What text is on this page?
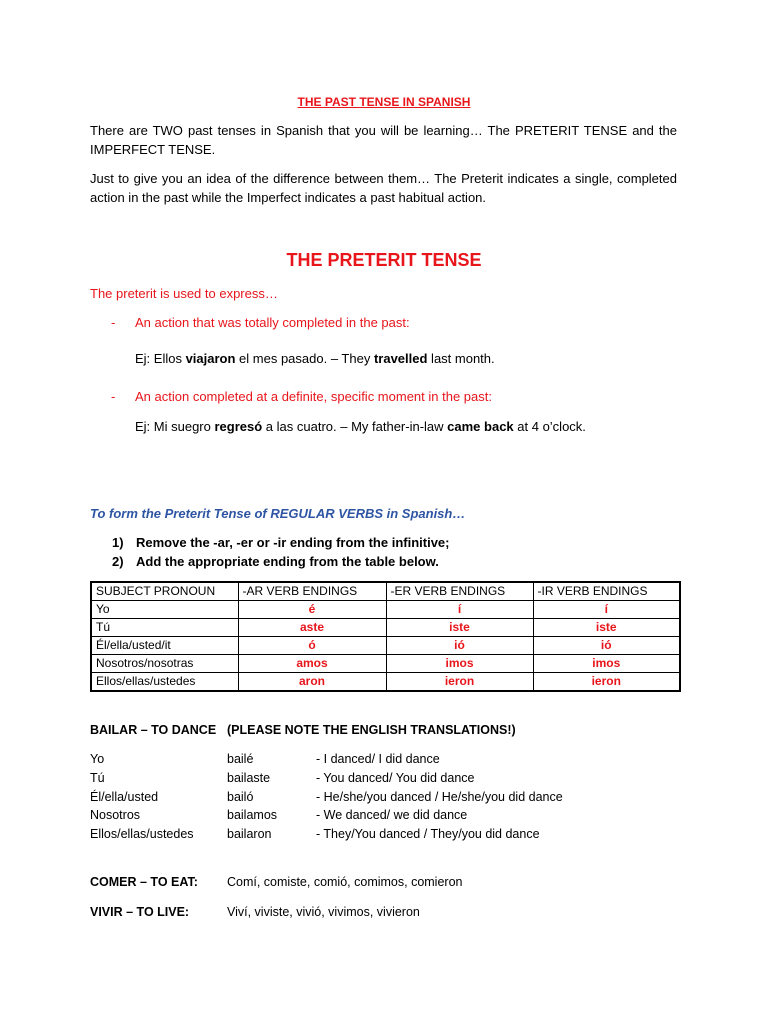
THE PAST TENSE IN SPANISH
There are TWO past tenses in Spanish that you will be learning… The PRETERIT TENSE and the IMPERFECT TENSE.
Just to give you an idea of the difference between them… The Preterit indicates a single, completed action in the past while the Imperfect indicates a past habitual action.
THE PRETERIT TENSE
The preterit is used to express…
- An action that was totally completed in the past:
Ej: Ellos viajaron el mes pasado. – They travelled last month.
- An action completed at a definite, specific moment in the past:
Ej: Mi suegro regresó a las cuatro. – My father-in-law came back at 4 o’clock.
To form the Preterit Tense of REGULAR VERBS in Spanish…
1) Remove the -ar, -er or -ir ending from the infinitive;
2) Add the appropriate ending from the table below.
SUBJECT PRONOUN	-AR VERB ENDINGS	-ER VERB ENDINGS	-IR VERB ENDINGS
Yo	é	í	í
Tú	aste	iste	iste
Él/ella/usted/it	ó	ió	ió
Nosotros/nosotras	amos	imos	imos
Ellos/ellas/ustedes	aron	ieron	ieron
BAILAR – TO DANCE (PLEASE NOTE THE ENGLISH TRANSLATIONS!)
Yo	bailé	- I danced/ I did dance
Tú	bailaste	- You danced/ You did dance
Él/ella/usted	bailó	- He/she/you danced / He/she/you did dance
Nosotros	bailamos	- We danced/ we did dance
Ellos/ellas/ustedes	bailaron	- They/You danced / They/you did dance
COMER – TO EAT: Comí, comiste, comió, comimos, comieron
VIVIR – TO LIVE:	Viví, viviste, vivió, vivimos, vivieron
